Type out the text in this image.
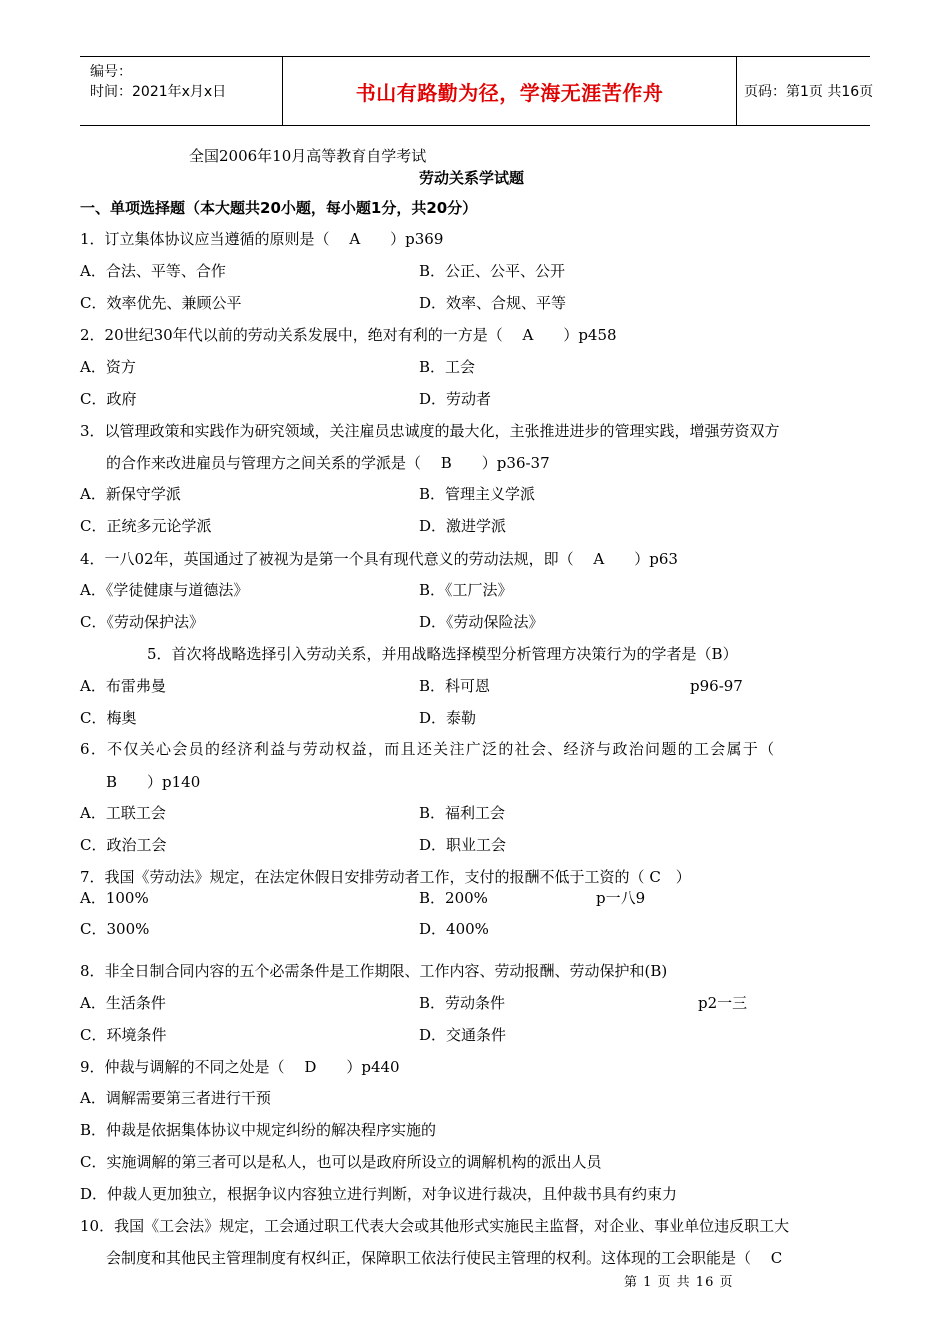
编号：
时间：2021年x月x日	书山有路勤为径，学海无涯苦作舟	页码：第1页 共16页
全国2006年10月高等教育自学考试
劳动关系学试题
一、单项选择题（本大题共20小题，每小题1分，共20分）
1．订立集体协议应当遵循的原则是（　 A　　）p369
A．合法、平等、合作	B．公正、公平、公开
C．效率优先、兼顾公平	D．效率、合规、平等
2．20世纪30年代以前的劳动关系发展中，绝对有利的一方是（　 A　　）p458
A．资方	B．工会
C．政府	D．劳动者
3．以管理政策和实践作为研究领域，关注雇员忠诚度的最大化，主张推进进步的管理实践，增强劳资双方
的合作来改进雇员与管理方之间关系的学派是（　 B　　）p36-37
A．新保守学派	B．管理主义学派
C．正统多元论学派	D．激进学派
4．一八02年，英国通过了被视为是第一个具有现代意义的劳动法规，即（　 A　　）p63
A．《学徒健康与道德法》	B．《工厂法》
C．《劳动保护法》	D．《劳动保险法》
5．首次将战略选择引入劳动关系，并用战略选择模型分析管理方决策行为的学者是（B）
A．布雷弗曼	B．科可恩	p96-97
C．梅奥	D．泰勒
6．不仅关心会员的经济利益与劳动权益，而且还关注广泛的社会、经济与政治问题的工会属于（
B　　）p140
A．工联工会	B．福利工会
C．政治工会	D．职业工会
7．我国《劳动法》规定，在法定休假日安排劳动者工作，支付的报酬不低于工资的（ C　）
A．100%	B．200%	p一八9
C．300%	D．400%
8．非全日制合同内容的五个必需条件是工作期限、工作内容、劳动报酬、劳动保护和(B)
A．生活条件	B．劳动条件	p2一三
C．环境条件	D．交通条件
9．仲裁与调解的不同之处是（　 D　　）p440
A．调解需要第三者进行干预
B．仲裁是依据集体协议中规定纠纷的解决程序实施的
C．实施调解的第三者可以是私人，也可以是政府所设立的调解机构的派出人员
D．仲裁人更加独立，根据争议内容独立进行判断，对争议进行裁决，且仲裁书具有约束力
10．我国《工会法》规定，工会通过职工代表大会或其他形式实施民主监督，对企业、事业单位违反职工大
会制度和其他民主管理制度有权纠正，保障职工依法行使民主管理的权利。这体现的工会职能是（　 C
第 1 页 共 16 页
